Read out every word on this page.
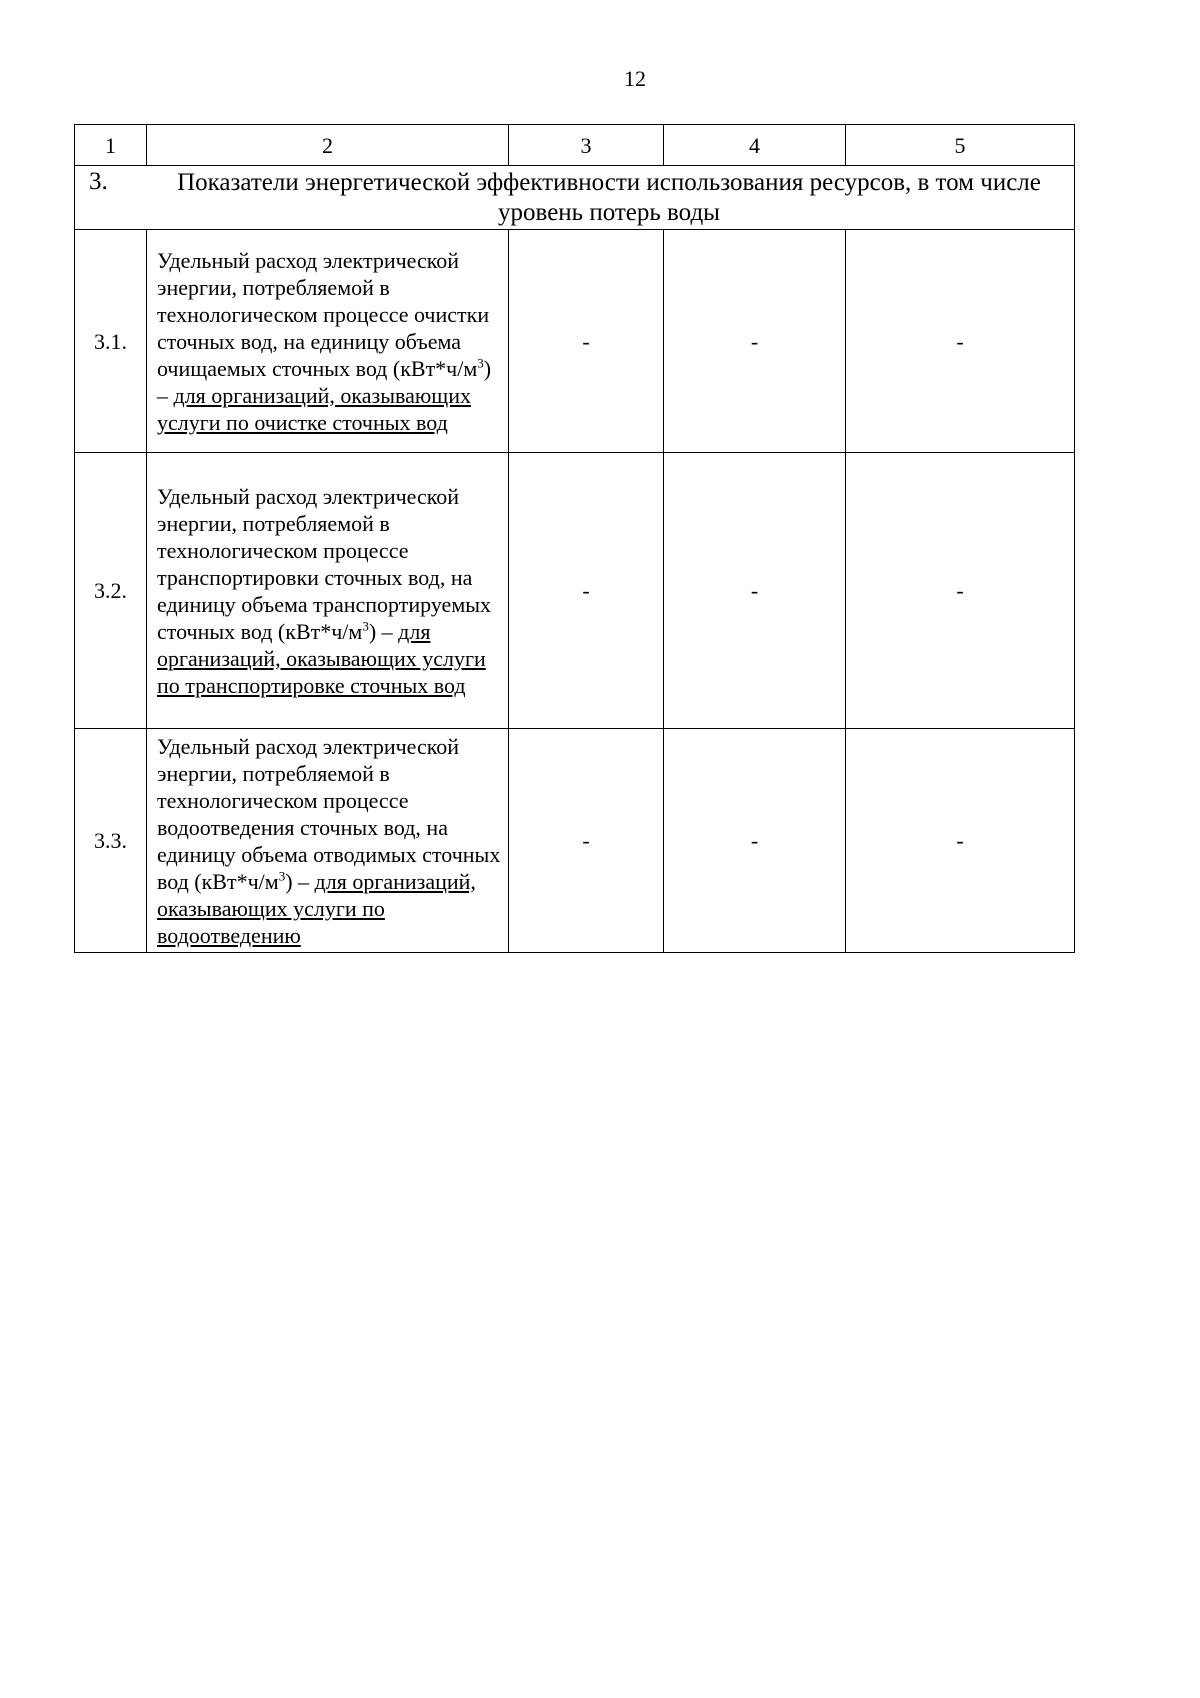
12
1	2	3	4	5
3. Показатели энергетической эффективности использования ресурсов, в том числе уровень потерь воды				
3.1.	Удельный расход электрической энергии, потребляемой в технологическом процессе очистки сточных вод, на единицу объема очищаемых сточных вод $(кВт*ч/м^3)$ – для организаций, оказывающих услуги по очистке сточных вод	-	-	-
3.2.	Удельный расход электрической энергии, потребляемой в технологическом процессе транспортировки сточных вод, на единицу объема транспортируемых сточных вод $(кВт*ч/м^3)$ – для организаций, оказывающих услуги по транспортировке сточных вод	-	-	-
3.3.	Удельный расход электрической энергии, потребляемой в технологическом процессе водоотведения сточных вод, на единицу объема отводимых сточных вод $(кВт*ч/м^3)$ – для организаций, оказывающих услуги по водоотведению	-	-	-
